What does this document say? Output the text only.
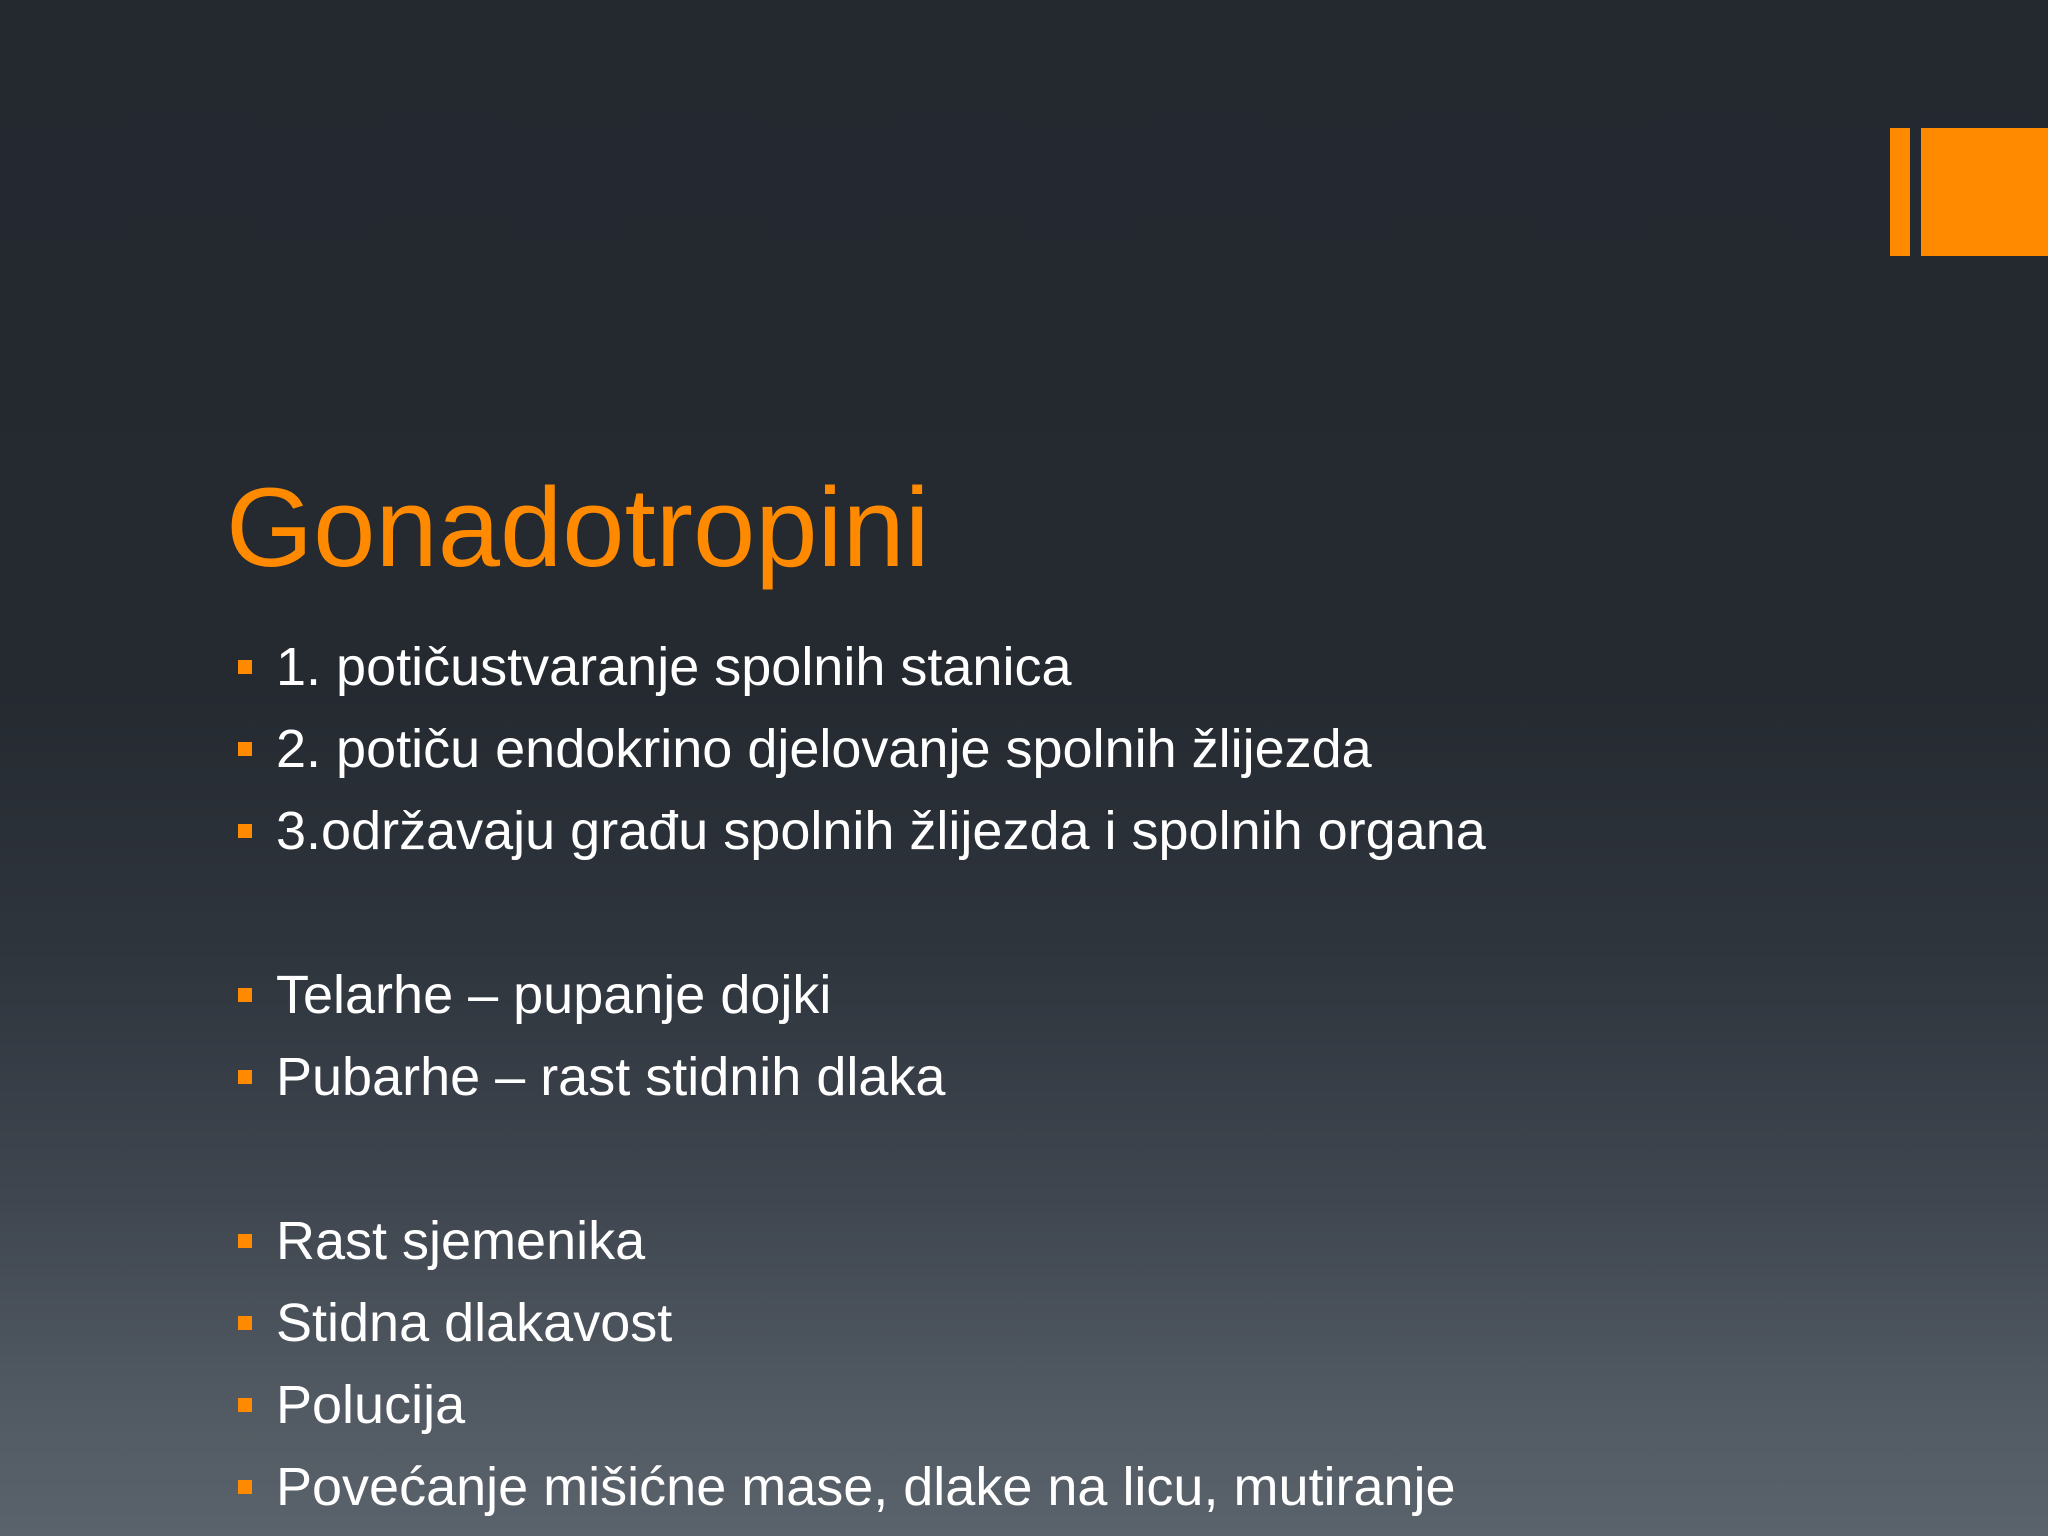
Gonadotropini
1. potičustvaranje spolnih stanica
2. potiču endokrino djelovanje spolnih žlijezda
3.održavaju građu spolnih žlijezda i spolnih organa
Telarhe – pupanje dojki
Pubarhe – rast stidnih dlaka
Rast sjemenika
Stidna dlakavost
Polucija
Povećanje mišićne mase, dlake na licu, mutiranje
